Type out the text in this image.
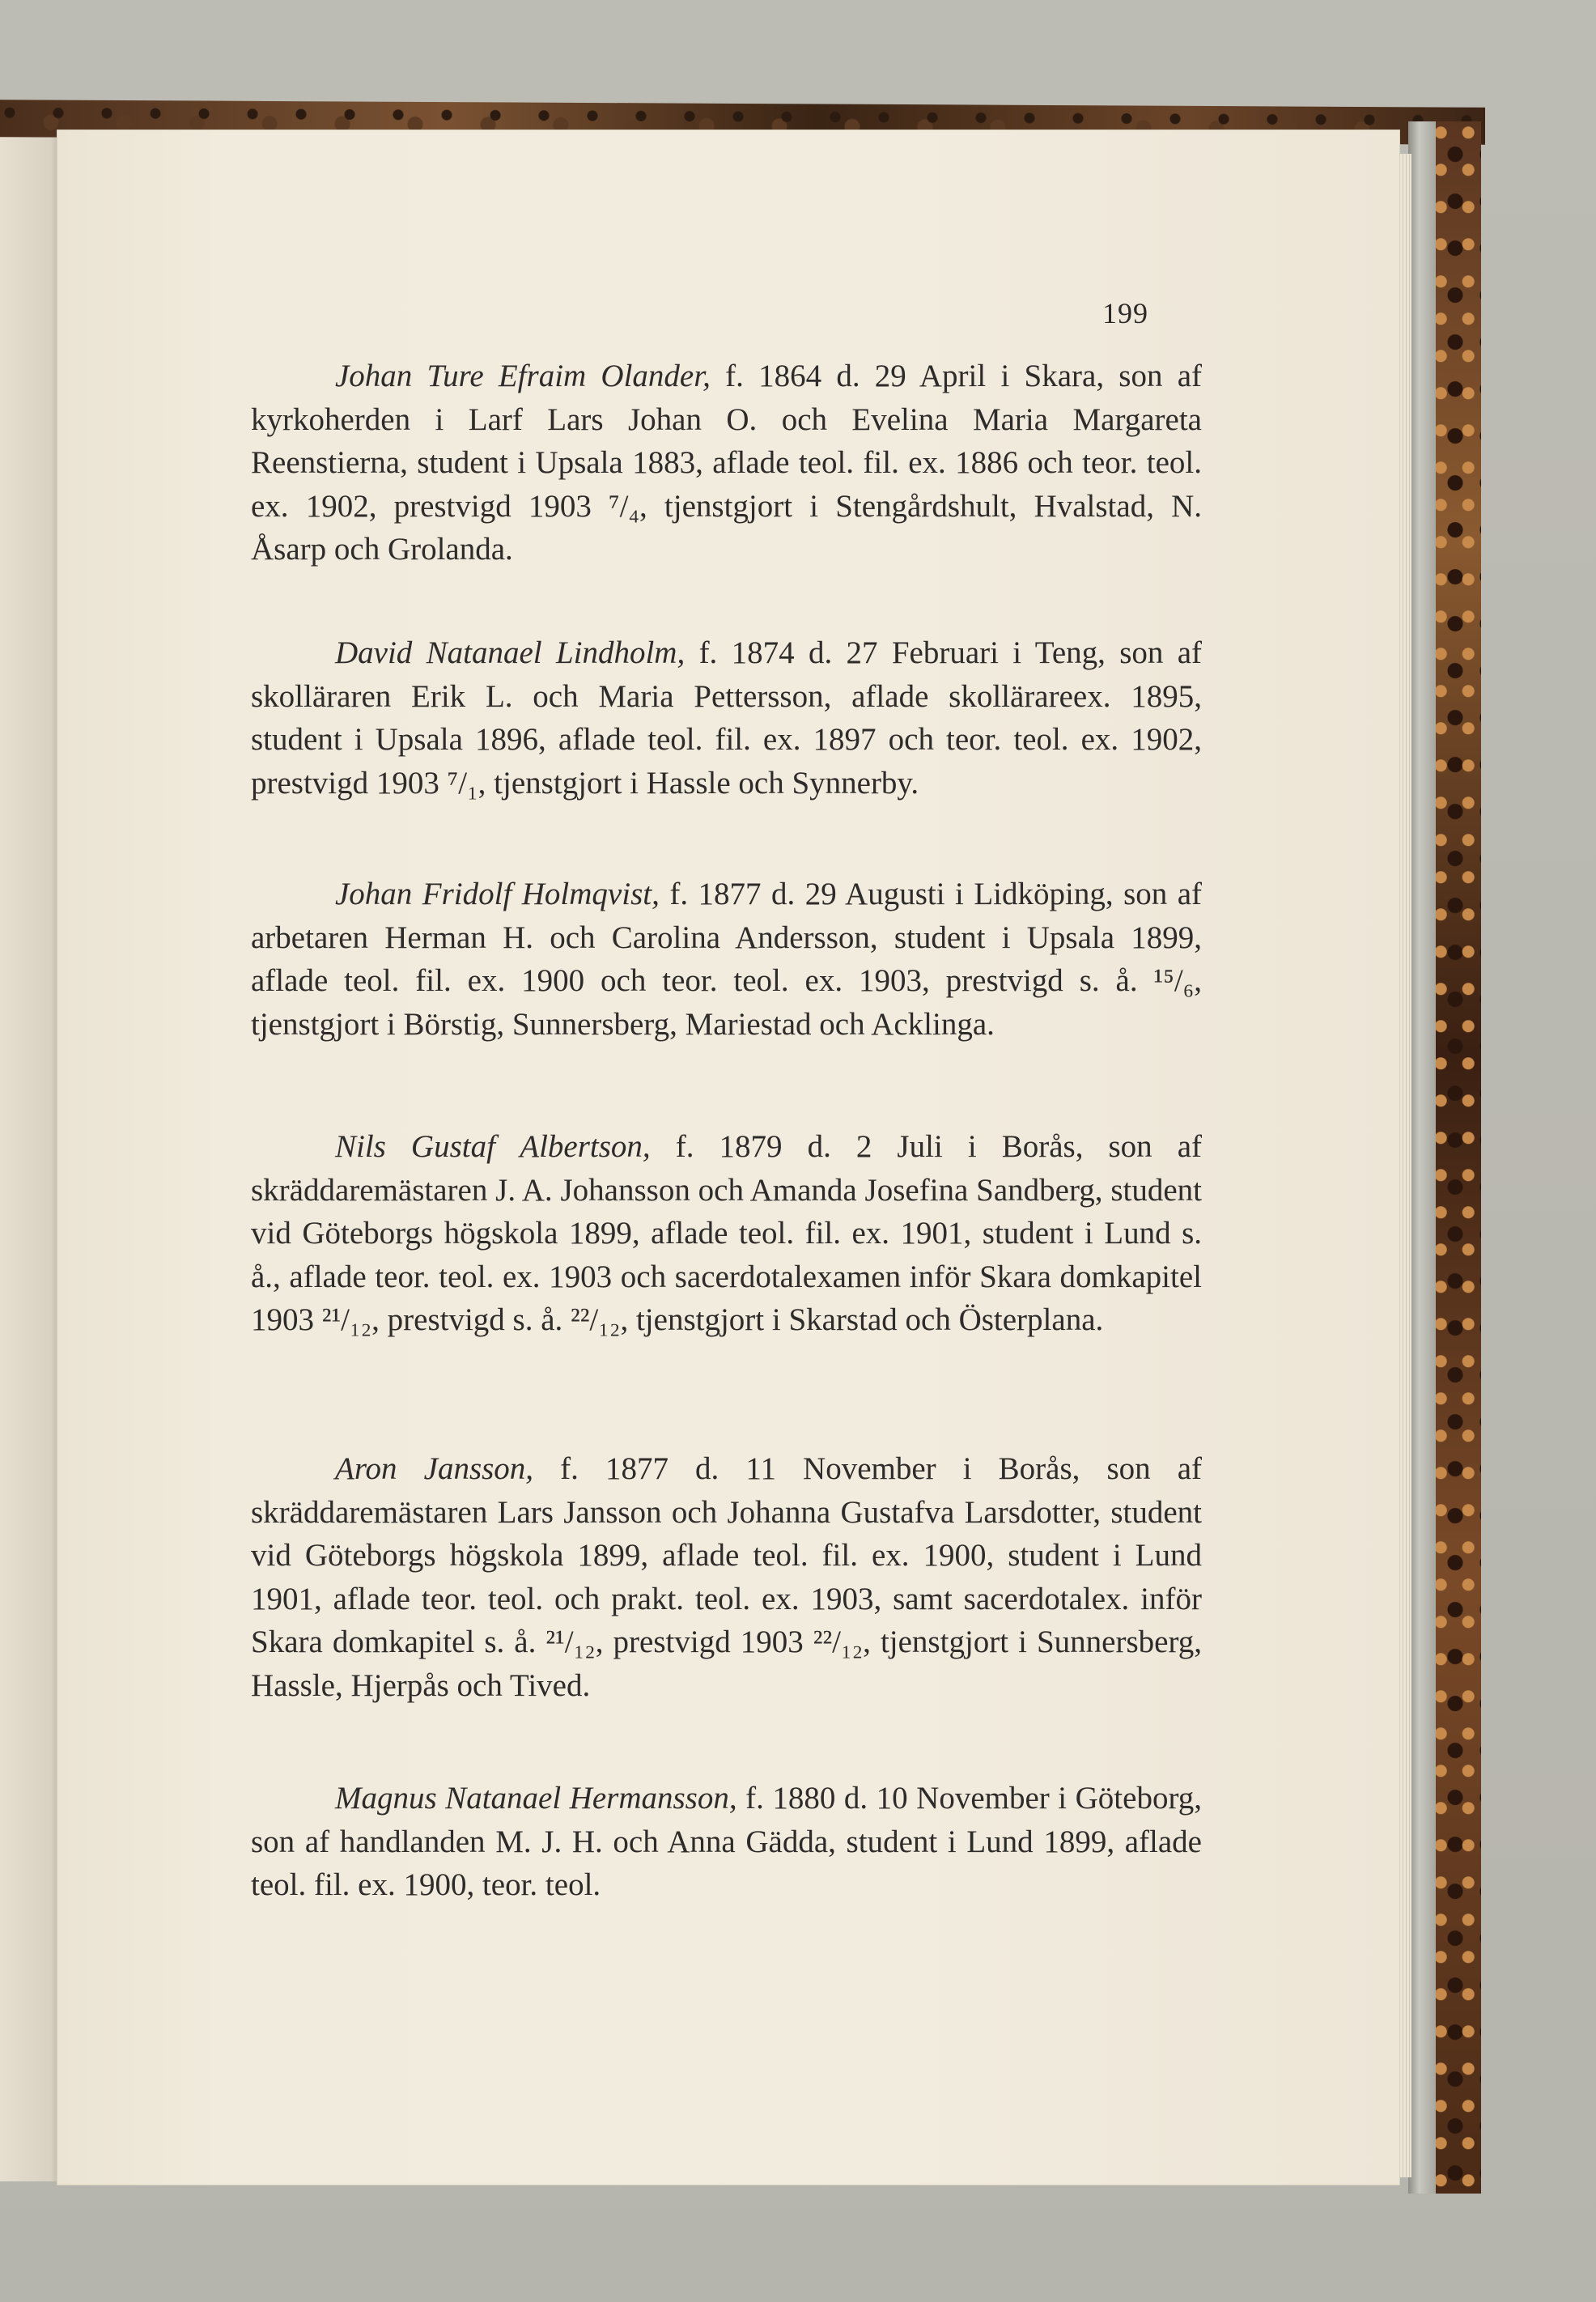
199

Johan Ture Efraim Olander, f. 1864 d. 29 April i Skara, son af kyrkoherden i Larf Lars Johan O. och Evelina Maria Margareta Reenstierna, student i Upsala 1883, aflade teol. fil. ex. 1886 och teor. teol. ex. 1902, prestvigd 1903 ⁷/₄, tjenstgjort i Stengårdshult, Hvalstad, N. Åsarp och Grolanda.

David Natanael Lindholm, f. 1874 d. 27 Februari i Teng, son af skolläraren Erik L. och Maria Pettersson, aflade skollärareex. 1895, student i Upsala 1896, aflade teol. fil. ex. 1897 och teor. teol. ex. 1902, prestvigd 1903 ⁷/₁, tjenstgjort i Hassle och Synnerby.

Johan Fridolf Holmqvist, f. 1877 d. 29 Augusti i Lidköping, son af arbetaren Herman H. och Carolina Andersson, student i Upsala 1899, aflade teol. fil. ex. 1900 och teor. teol. ex. 1903, prestvigd s. å. ¹⁵/₆, tjenstgjort i Börstig, Sunnersberg, Mariestad och Acklinga.

Nils Gustaf Albertson, f. 1879 d. 2 Juli i Borås, son af skräddaremästaren J. A. Johansson och Amanda Josefina Sandberg, student vid Göteborgs högskola 1899, aflade teol. fil. ex. 1901, student i Lund s. å., aflade teor. teol. ex. 1903 och sacerdotalexamen inför Skara domkapitel 1903 ²¹/₁₂, prestvigd s. å. ²²/₁₂, tjenstgjort i Skarstad och Österplana.

Aron Jansson, f. 1877 d. 11 November i Borås, son af skräddaremästaren Lars Jansson och Johanna Gustafva Larsdotter, student vid Göteborgs högskola 1899, aflade teol. fil. ex. 1900, student i Lund 1901, aflade teor. teol. och prakt. teol. ex. 1903, samt sacerdotalex. inför Skara domkapitel s. å. ²¹/₁₂, prestvigd 1903 ²²/₁₂, tjenstgjort i Sunnersberg, Hassle, Hjerpås och Tived.

Magnus Natanael Hermansson, f. 1880 d. 10 November i Göteborg, son af handlanden M. J. H. och Anna Gädda, student i Lund 1899, aflade teol. fil. ex. 1900, teor. teol.
